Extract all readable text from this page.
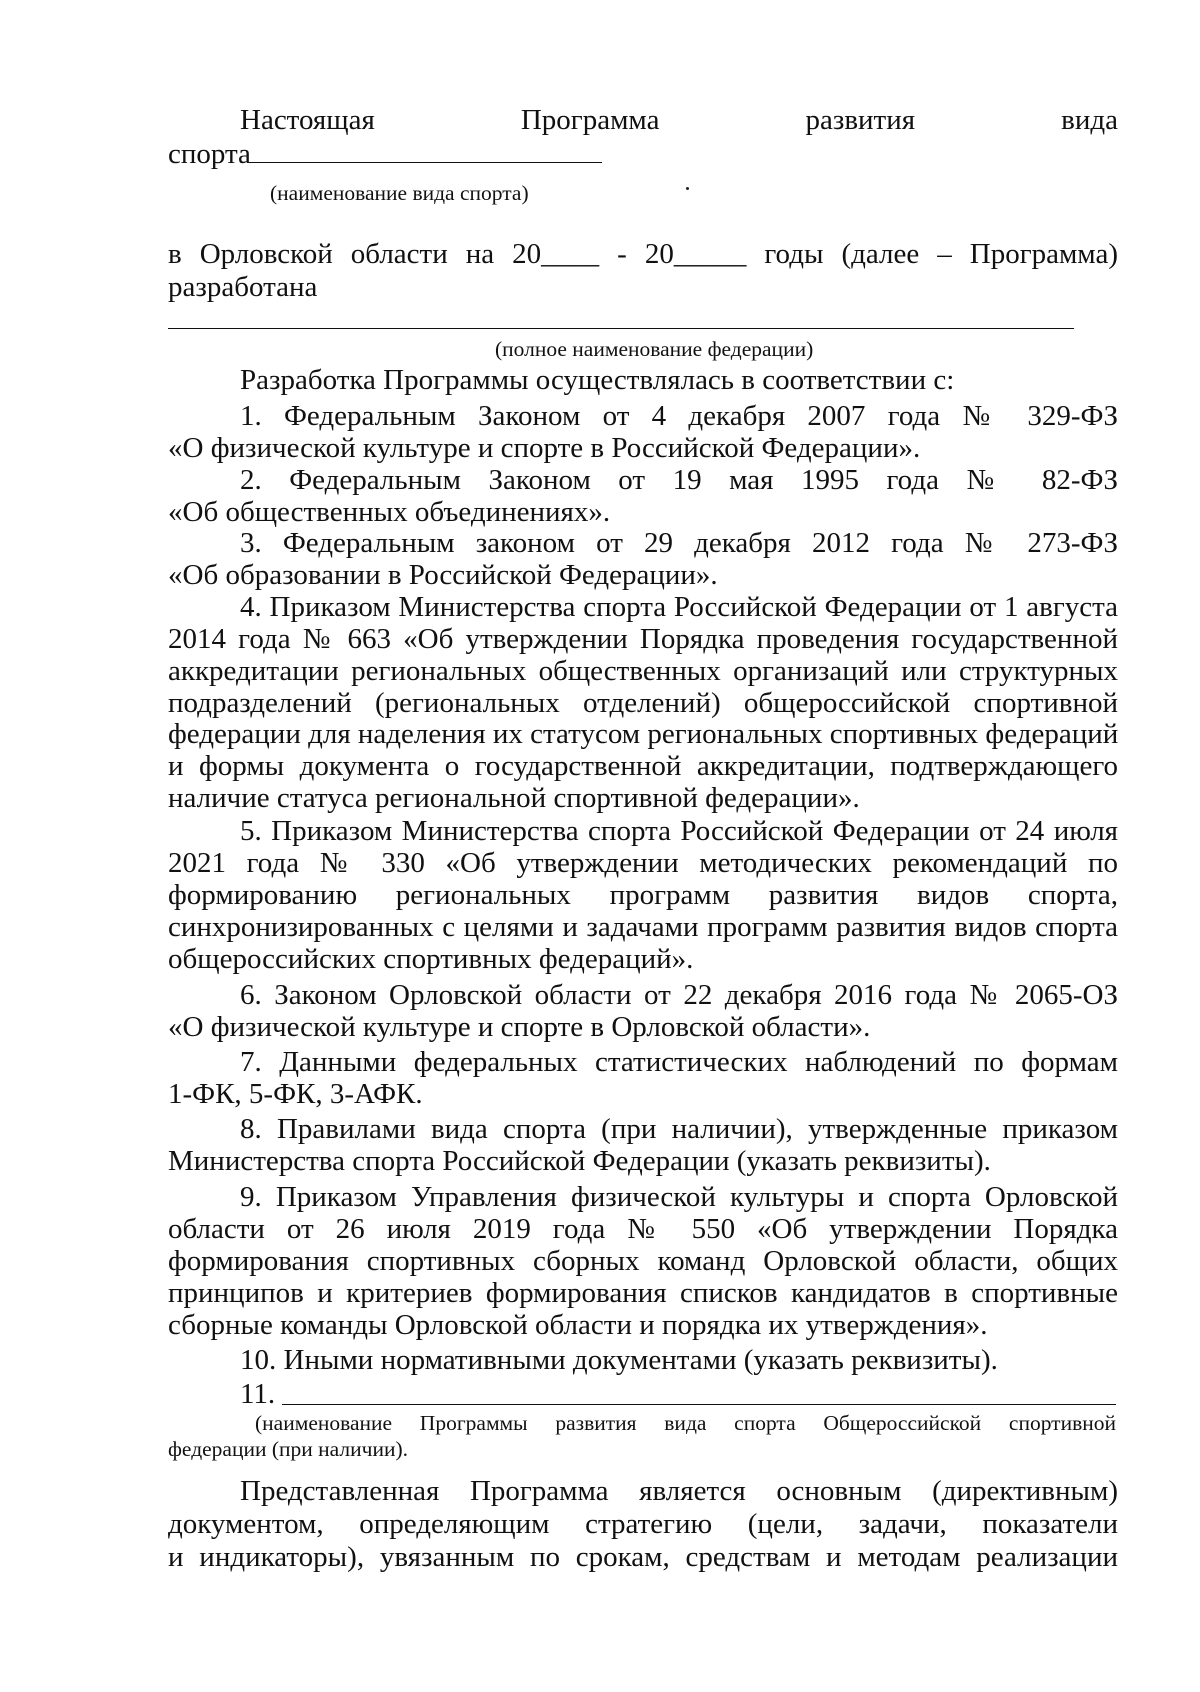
Настоящая Программа развития вида
спорта
(наименование вида спорта)
в Орловской области на 20____ - 20_____ годы (далее – Программа)
разработана
(полное наименование федерации)
Разработка Программы осуществлялась в соответствии с:
1. Федеральным Законом от 4 декабря 2007 года № 329-ФЗ
«О физической культуре и спорте в Российской Федерации».
2. Федеральным Законом от 19 мая 1995 года № 82-ФЗ
«Об общественных объединениях».
3. Федеральным законом от 29 декабря 2012 года № 273-ФЗ
«Об образовании в Российской Федерации».
4. Приказом Министерства спорта Российской Федерации от 1 августа
2014 года № 663 «Об утверждении Порядка проведения государственной
аккредитации региональных общественных организаций или структурных
подразделений (региональных отделений) общероссийской спортивной
федерации для наделения их статусом региональных спортивных федераций
и формы документа о государственной аккредитации, подтверждающего
наличие статуса региональной спортивной федерации».
5. Приказом Министерства спорта Российской Федерации от 24 июля
2021 года № 330 «Об утверждении методических рекомендаций по
формированию региональных программ развития видов спорта,
синхронизированных с целями и задачами программ развития видов спорта
общероссийских спортивных федераций».
6. Законом Орловской области от 22 декабря 2016 года № 2065-ОЗ
«О физической культуре и спорте в Орловской области».
7. Данными федеральных статистических наблюдений по формам
1-ФК, 5-ФК, 3-АФК.
8. Правилами вида спорта (при наличии), утвержденные приказом
Министерства спорта Российской Федерации (указать реквизиты).
9. Приказом Управления физической культуры и спорта Орловской
области от 26 июля 2019 года № 550 «Об утверждении Порядка
формирования спортивных сборных команд Орловской области, общих
принципов и критериев формирования списков кандидатов в спортивные
сборные команды Орловской области и порядка их утверждения».
10. Иными нормативными документами (указать реквизиты).
11.
(наименование Программы развития вида спорта Общероссийской спортивной
федерации (при наличии).
Представленная Программа является основным (директивным)
документом, определяющим стратегию (цели, задачи, показатели
и индикаторы), увязанным по срокам, средствам и методам реализации
